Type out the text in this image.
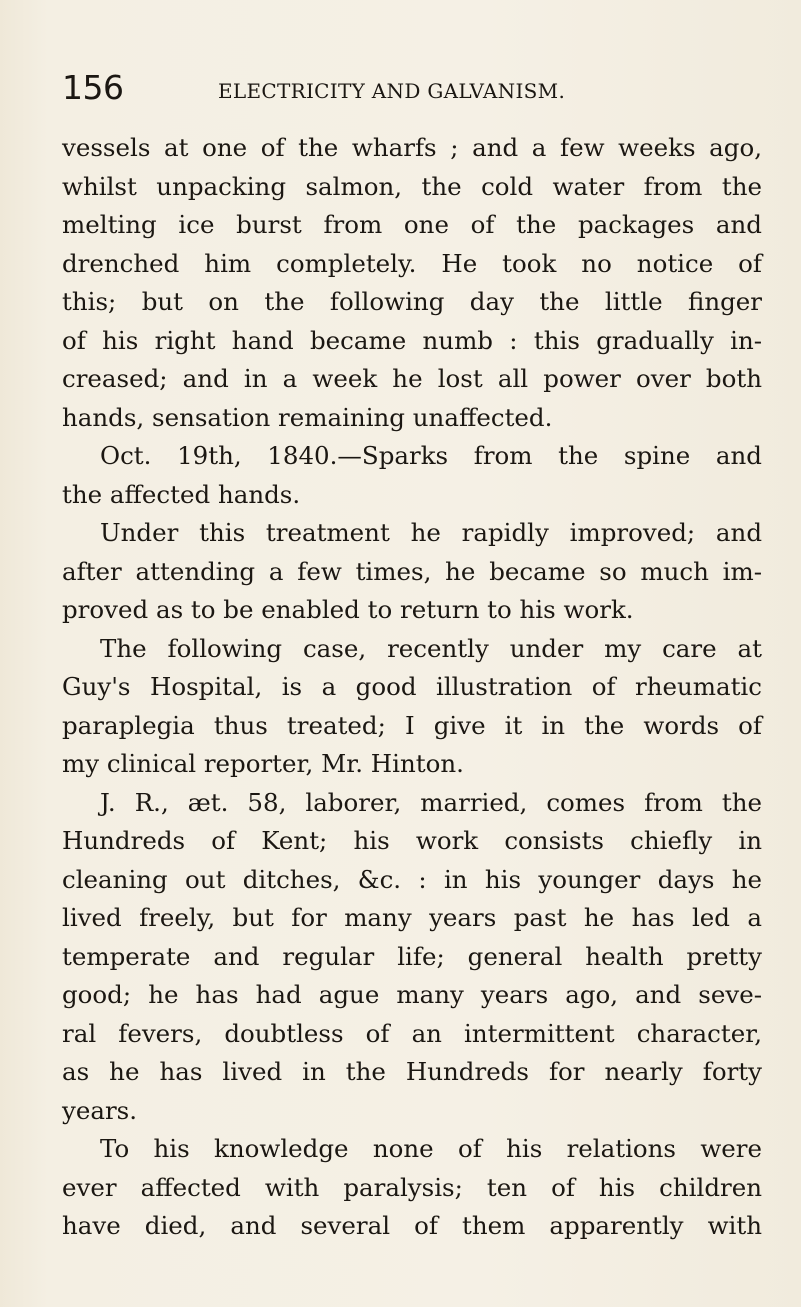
156	ELECTRICITY AND GALVANISM.
vessels at one of the wharfs ; and a few weeks ago,
whilst unpacking salmon, the cold water from the
melting ice burst from one of the packages and
drenched him completely. He took no notice of
this; but on the following day the little finger
of his right hand became numb : this gradually in-
creased; and in a week he lost all power over both
hands, sensation remaining unaffected.
Oct. 19th, 1840.—Sparks from the spine and
the affected hands.
Under this treatment he rapidly improved; and
after attending a few times, he became so much im-
proved as to be enabled to return to his work.
The following case, recently under my care at
Guy's Hospital, is a good illustration of rheumatic
paraplegia thus treated; I give it in the words of
my clinical reporter, Mr. Hinton.
J. R., æt. 58, laborer, married, comes from the
Hundreds of Kent; his work consists chiefly in
cleaning out ditches, &c. : in his younger days he
lived freely, but for many years past he has led a
temperate and regular life; general health pretty
good; he has had ague many years ago, and seve-
ral fevers, doubtless of an intermittent character,
as he has lived in the Hundreds for nearly forty
years.
To his knowledge none of his relations were
ever affected with paralysis; ten of his children
have died, and several of them apparently with
